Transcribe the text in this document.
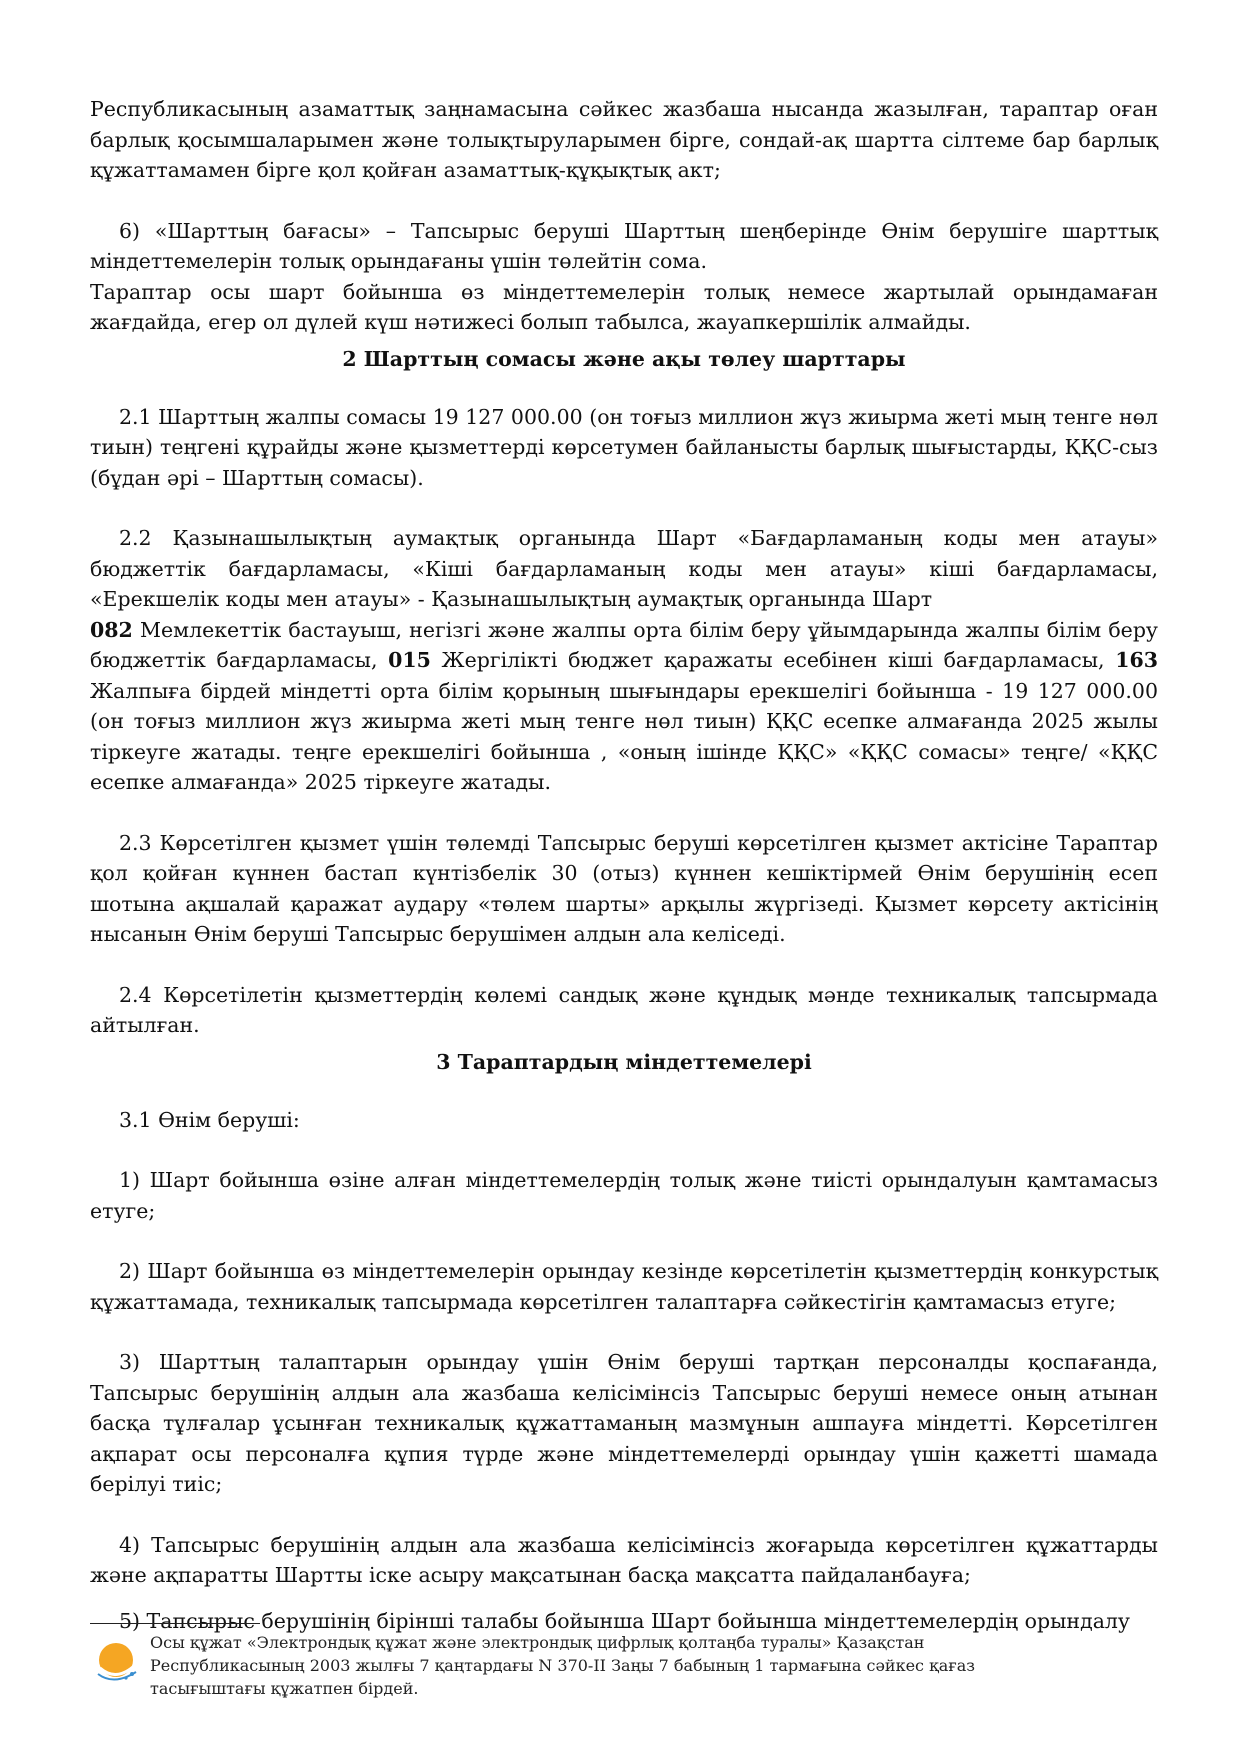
Республикасының азаматтық заңнамасына сәйкес жазбаша нысанда жазылған, тараптар оған барлық қосымшаларымен және толықтыруларымен бірге, сондай-ақ шартта сілтеме бар барлық құжаттамамен бірге қол қойған азаматтық-құқықтық акт;

6) «Шарттың бағасы» – Тапсырыс беруші Шарттың шеңберінде Өнім берушіге шарттық міндеттемелерін толық орындағаны үшін төлейтін сома.

Тараптар осы шарт бойынша өз міндеттемелерін толық немесе жартылай орындамаған жағдайда, егер ол дүлей күш нәтижесі болып табылса, жауапкершілік алмайды.

2 Шарттың сомасы және ақы төлеу шарттары

2.1 Шарттың жалпы сомасы 19 127 000.00 (он тоғыз миллион жүз жиырма жеті мың тенге нөл тиын) теңгені құрайды және қызметтерді көрсетумен байланысты барлық шығыстарды, ҚҚС-сыз (бұдан әрі – Шарттың сомасы).

2.2 Қазынашылықтың аумақтық органында Шарт «Бағдарламаның коды мен атауы» бюджеттік бағдарламасы, «Кіші бағдарламаның коды мен атауы» кіші бағдарламасы, «Ерекшелік коды мен атауы» - Қазынашылықтың аумақтық органында Шарт

082 Мемлекеттік бастауыш, негізгі және жалпы орта білім беру ұйымдарында жалпы білім беру бюджеттік бағдарламасы, 015 Жергілікті бюджет қаражаты есебінен кіші бағдарламасы, 163 Жалпыға бірдей міндетті орта білім қорының шығындары ерекшелігі бойынша - 19 127 000.00 (он тоғыз миллион жүз жиырма жеті мың тенге нөл тиын) ҚҚС есепке алмағанда 2025 жылы тіркеуге жатады. теңге ерекшелігі бойынша , «оның ішінде ҚҚС» «ҚҚС сомасы» теңге/ «ҚҚС есепке алмағанда» 2025 тіркеуге жатады.

2.3 Көрсетілген қызмет үшін төлемді Тапсырыс беруші көрсетілген қызмет актісіне Тараптар қол қойған күннен бастап күнтізбелік 30 (отыз) күннен кешіктірмей Өнім берушінің есеп шотына ақшалай қаражат аудару «төлем шарты» арқылы жүргізеді. Қызмет көрсету актісінің нысанын Өнім беруші Тапсырыс берушімен алдын ала келіседі.

2.4 Көрсетілетін қызметтердің көлемі сандық және құндық мәнде техникалық тапсырмада айтылған.

3 Тараптардың міндеттемелері

3.1 Өнім беруші:

1) Шарт бойынша өзіне алған міндеттемелердің толық және тиісті орындалуын қамтамасыз етуге;

2) Шарт бойынша өз міндеттемелерін орындау кезінде көрсетілетін қызметтердің конкурстық құжаттамада, техникалық тапсырмада көрсетілген талаптарға сәйкестігін қамтамасыз етуге;

3) Шарттың талаптарын орындау үшін Өнім беруші тартқан персоналды қоспағанда, Тапсырыс берушінің алдын ала жазбаша келісімінсіз Тапсырыс беруші немесе оның атынан басқа тұлғалар ұсынған техникалық құжаттаманың мазмұнын ашпауға міндетті. Көрсетілген ақпарат осы персоналға құпия түрде және міндеттемелерді орындау үшін қажетті шамада берілуі тиіс;

4) Тапсырыс берушінің алдын ала жазбаша келісімінсіз жоғарыда көрсетілген құжаттарды және ақпаратты Шартты іске асыру мақсатынан басқа мақсатта пайдаланбауға;

5) Тапсырыс берушінің бірінші талабы бойынша Шарт бойынша міндеттемелердің орындалу
Осы құжат «Электрондық құжат және электрондық цифрлық қолтаңба туралы» Қазақстан Республикасының 2003 жылғы 7 қаңтардағы N 370-II Заңы 7 бабының 1 тармағына сәйкес қағаз тасығыштағы құжатпен бірдей.
